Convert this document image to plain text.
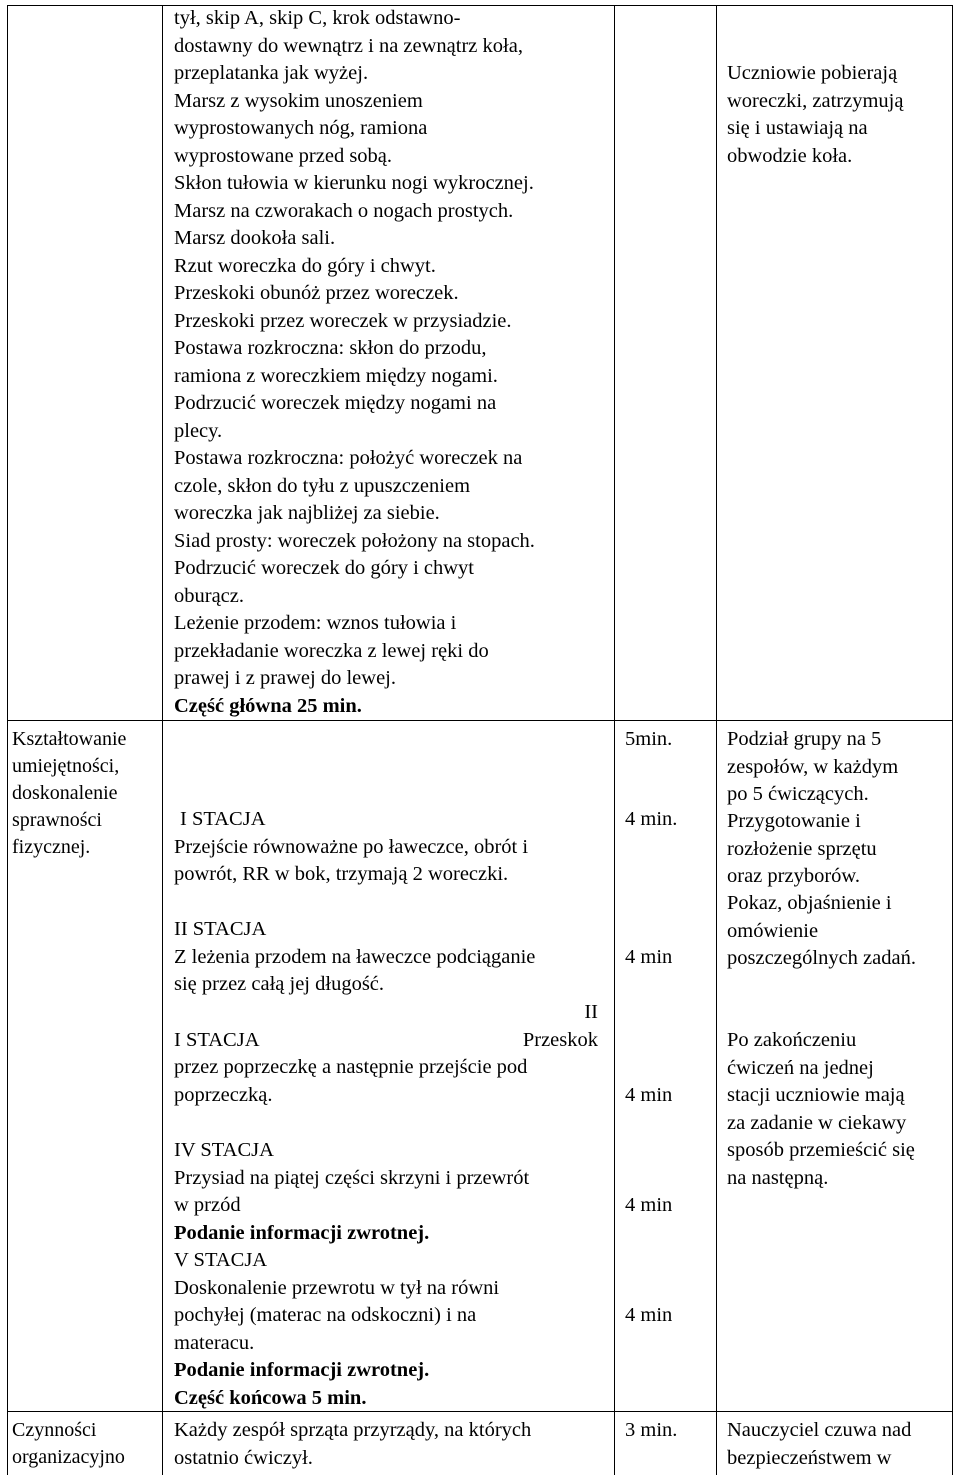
tył, skip A, skip C, krok odstawno-
dostawny do wewnątrz i na zewnątrz koła,
przeplatanka jak wyżej.
Marsz z wysokim unoszeniem
wyprostowanych nóg, ramiona
wyprostowane przed sobą.
Skłon tułowia w kierunku nogi wykrocznej.
Marsz na czworakach o nogach prostych.
Marsz dookoła sali.
Rzut woreczka do góry i chwyt.
Przeskoki obunóż przez woreczek.
Przeskoki przez woreczek w przysiadzie.
Postawa rozkroczna: skłon do przodu,
ramiona z woreczkiem między nogami.
Podrzucić woreczek między nogami na
plecy.
Postawa rozkroczna: położyć woreczek na
czole, skłon do tyłu z upuszczeniem
woreczka jak najbliżej za siebie.
Siad prosty: woreczek położony na stopach.
Podrzucić woreczek do góry i chwyt
oburącz.
Leżenie przodem: wznos tułowia i
przekładanie woreczka z lewej ręki do
prawej i z prawej do lewej.
Część główna 25 min.
Uczniowie pobierają
woreczki, zatrzymują
się i ustawiają na
obwodzie koła.
Kształtowanie
umiejętności,
doskonalenie
sprawności
fizycznej.
I STACJA
Przejście równoważne po ławeczce, obrót i
powrót, RR w bok, trzymają 2 woreczki.
II STACJA
Z leżenia przodem na ławeczce podciąganie
się przez całą jej długość.
II
I STACJA	Przeskok
przez poprzeczkę a następnie przejście pod
poprzeczką.
IV STACJA
Przysiad na piątej części skrzyni i przewrót
w przód
Podanie informacji zwrotnej.
V STACJA
Doskonalenie przewrotu w tył na równi
pochyłej (materac na odskoczni) i na
materacu.
Podanie informacji zwrotnej.
Część końcowa 5 min.
5min.
4 min.
4 min
4 min
4 min
4 min
Podział grupy na 5
zespołów, w każdym
po 5 ćwiczących.
Przygotowanie i
rozłożenie sprzętu
oraz przyborów.
Pokaz, objaśnienie i
omówienie
poszczególnych zadań.
Po zakończeniu
ćwiczeń na jednej
stacji uczniowie mają
za zadanie w ciekawy
sposób przemieścić się
na następną.
Czynności
organizacyjno
Każdy zespół sprząta przyrządy, na których
ostatnio ćwiczył.
3 min.	Nauczyciel czuwa nad
bezpieczeństwem w
